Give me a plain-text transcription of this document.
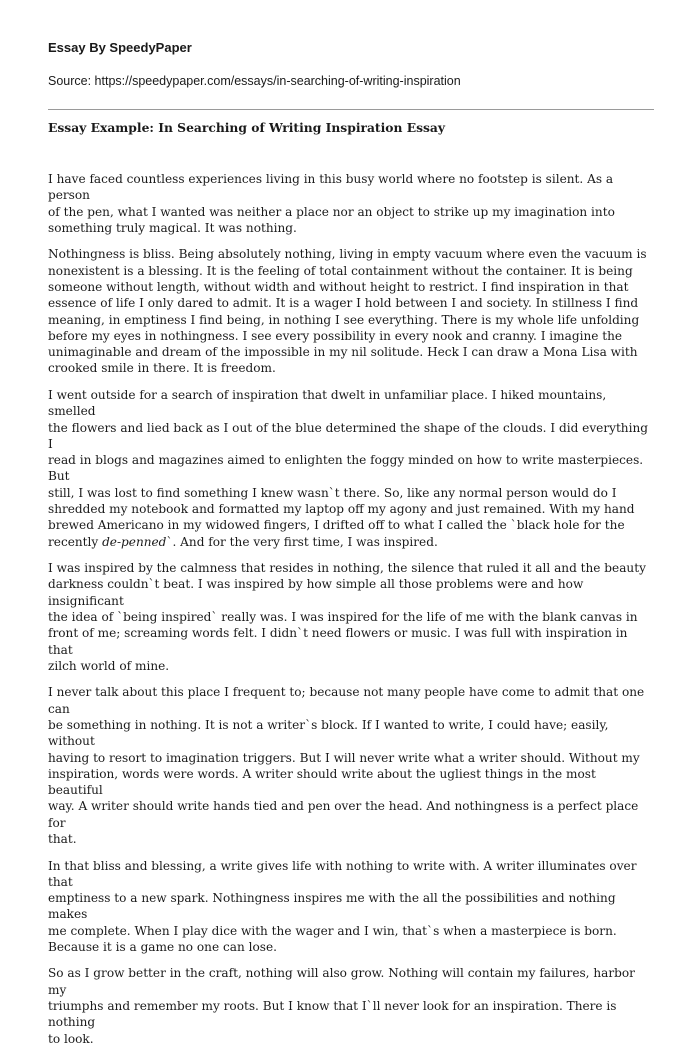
Essay By SpeedyPaper
Source: https://speedypaper.com/essays/in-searching-of-writing-inspiration
Essay Example: In Searching of Writing Inspiration Essay

I have faced countless experiences living in this busy world where no footstep is silent. As a person
of the pen, what I wanted was neither a place nor an object to strike up my imagination into
something truly magical. It was nothing.

Nothingness is bliss. Being absolutely nothing, living in empty vacuum where even the vacuum is
nonexistent is a blessing. It is the feeling of total containment without the container. It is being
someone without length, without width and without height to restrict. I find inspiration in that
essence of life I only dared to admit. It is a wager I hold between I and society. In stillness I find
meaning, in emptiness I find being, in nothing I see everything. There is my whole life unfolding
before my eyes in nothingness. I see every possibility in every nook and cranny. I imagine the
unimaginable and dream of the impossible in my nil solitude. Heck I can draw a Mona Lisa with
crooked smile in there. It is freedom.

I went outside for a search of inspiration that dwelt in unfamiliar place. I hiked mountains, smelled
the flowers and lied back as I out of the blue determined the shape of the clouds. I did everything I
read in blogs and magazines aimed to enlighten the foggy minded on how to write masterpieces. But
still, I was lost to find something I knew wasn`t there. So, like any normal person would do I
shredded my notebook and formatted my laptop off my agony and just remained. With my hand
brewed Americano in my widowed fingers, I drifted off to what I called the `black hole for the
recently de-penned`. And for the very first time, I was inspired.

I was inspired by the calmness that resides in nothing, the silence that ruled it all and the beauty
darkness couldn`t beat. I was inspired by how simple all those problems were and how insignificant
the idea of `being inspired` really was. I was inspired for the life of me with the blank canvas in
front of me; screaming words felt. I didn`t need flowers or music. I was full with inspiration in that
zilch world of mine.

I never talk about this place I frequent to; because not many people have come to admit that one can
be something in nothing. It is not a writer`s block. If I wanted to write, I could have; easily, without
having to resort to imagination triggers. But I will never write what a writer should. Without my
inspiration, words were words. A writer should write about the ugliest things in the most beautiful
way. A writer should write hands tied and pen over the head. And nothingness is a perfect place for
that.

In that bliss and blessing, a write gives life with nothing to write with. A writer illuminates over that
emptiness to a new spark. Nothingness inspires me with the all the possibilities and nothing makes
me complete. When I play dice with the wager and I win, that`s when a masterpiece is born.
Because it is a game no one can lose.

So as I grow better in the craft, nothing will also grow. Nothing will contain my failures, harbor my
triumphs and remember my roots. But I know that I`ll never look for an inspiration. There is nothing
to look.
